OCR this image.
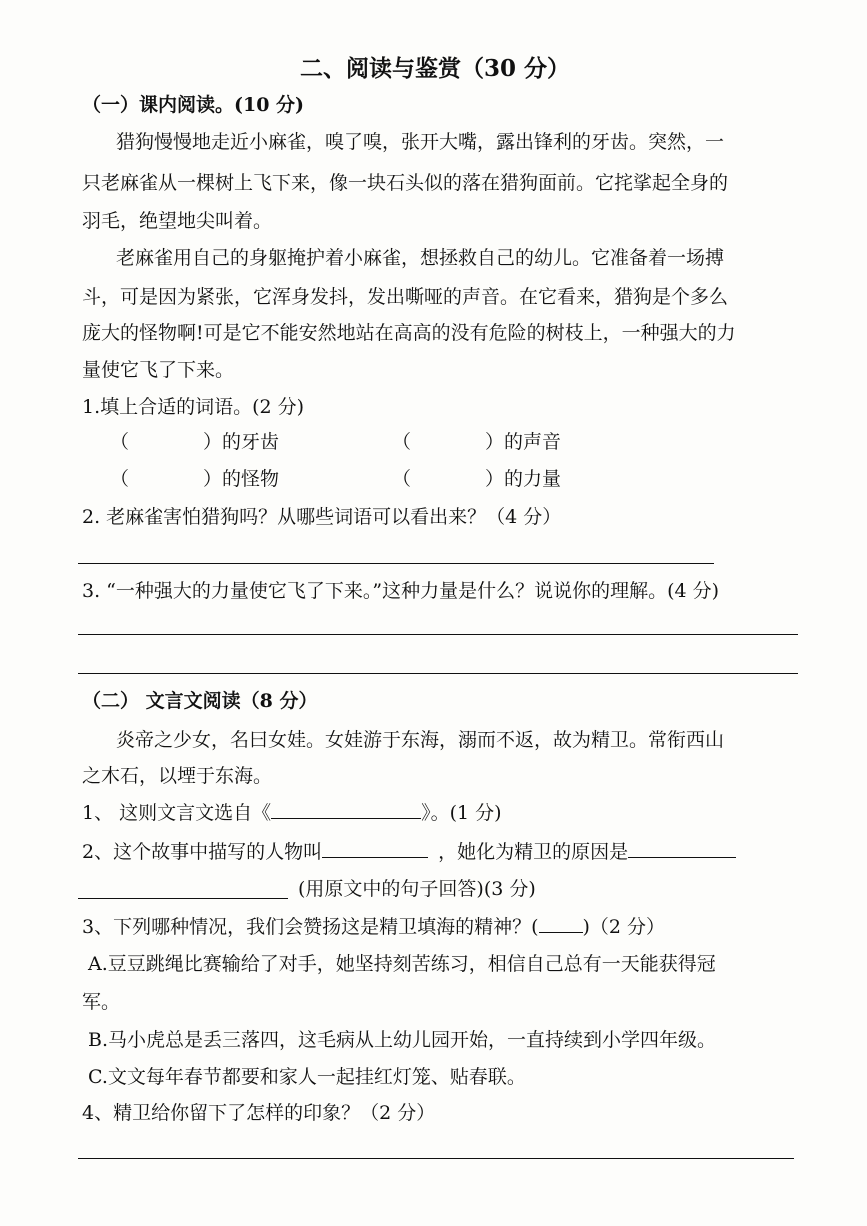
二、阅读与鉴赏（30 分）
（一）课内阅读。(10 分)
猎狗慢慢地走近小麻雀，嗅了嗅，张开大嘴，露出锋利的牙齿。突然，一
只老麻雀从一棵树上飞下来，像一块石头似的落在猎狗面前。它挓挲起全身的
羽毛，绝望地尖叫着。
老麻雀用自己的身躯掩护着小麻雀，想拯救自己的幼儿。它准备着一场搏
斗，可是因为紧张，它浑身发抖，发出嘶哑的声音。在它看来，猎狗是个多么
庞大的怪物啊!可是它不能安然地站在高高的没有危险的树枝上，一种强大的力
量使它飞了下来。
1.填上合适的词语。(2 分)
（	）的牙齿	（	）的声音
（	）的怪物	（	）的力量
2. 老麻雀害怕猎狗吗？从哪些词语可以看出来？（4 分）
3. “一种强大的力量使它飞了下来。”这种力量是什么？说说你的理解。(4 分)
（二） 文言文阅读（8 分）
炎帝之少女，名曰女娃。女娃游于东海，溺而不返，故为精卫。常衔西山
之木石，以堙于东海。
1、 这则文言文选自《	》。(1 分)
2、这个故事中描写的人物叫	，她化为精卫的原因是
(用原文中的句子回答)(3 分)
3、下列哪种情况，我们会赞扬这是精卫填海的精神？( )（2 分）
A.豆豆跳绳比赛输给了对手，她坚持刻苦练习，相信自己总有一天能获得冠
军。
B.马小虎总是丢三落四，这毛病从上幼儿园开始，一直持续到小学四年级。
C.文文每年春节都要和家人一起挂红灯笼、贴春联。
4、精卫给你留下了怎样的印象？（2 分）
